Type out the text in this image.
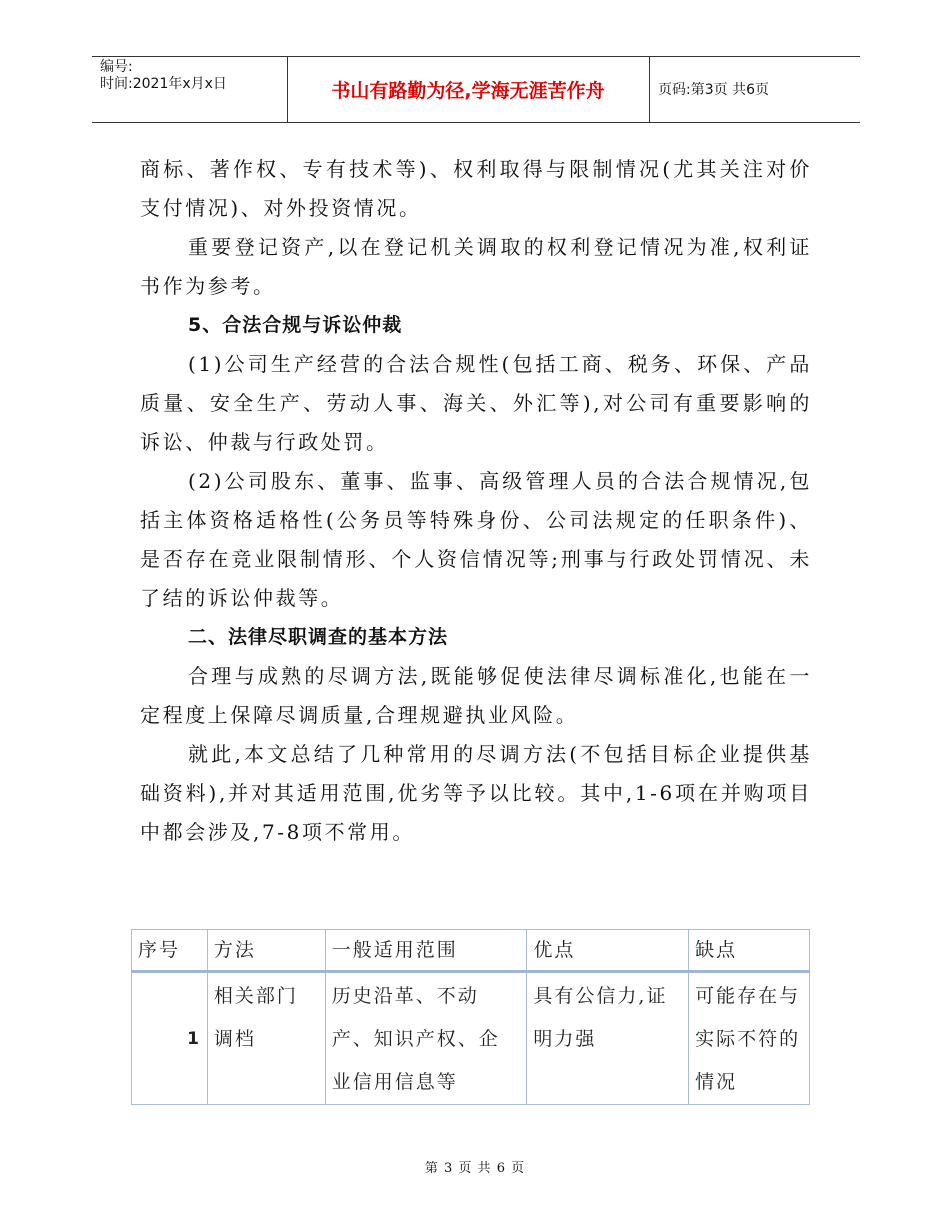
编号:
时间:2021年x月x日	书山有路勤为径,学海无涯苦作舟	页码:第3页 共6页

商标、著作权、专有技术等)、权利取得与限制情况(尤其关注对价支付情况)、对外投资情况。

重要登记资产,以在登记机关调取的权利登记情况为准,权利证书作为参考。

5、合法合规与诉讼仲裁

(1)公司生产经营的合法合规性(包括工商、税务、环保、产品质量、安全生产、劳动人事、海关、外汇等),对公司有重要影响的诉讼、仲裁与行政处罚。

(2)公司股东、董事、监事、高级管理人员的合法合规情况,包括主体资格适格性(公务员等特殊身份、公司法规定的任职条件)、是否存在竞业限制情形、个人资信情况等;刑事与行政处罚情况、未了结的诉讼仲裁等。

二、法律尽职调查的基本方法

合理与成熟的尽调方法,既能够促使法律尽调标准化,也能在一定程度上保障尽调质量,合理规避执业风险。

就此,本文总结了几种常用的尽调方法(不包括目标企业提供基础资料),并对其适用范围,优劣等予以比较。其中,1-6项在并购项目中都会涉及,7-8项不常用。

序号	方法	一般适用范围	优点	缺点
1	相关部门调档	历史沿革、不动产、知识产权、企业信用信息等	具有公信力,证明力强	可能存在与实际不符的情况
第 3 页 共 6 页
